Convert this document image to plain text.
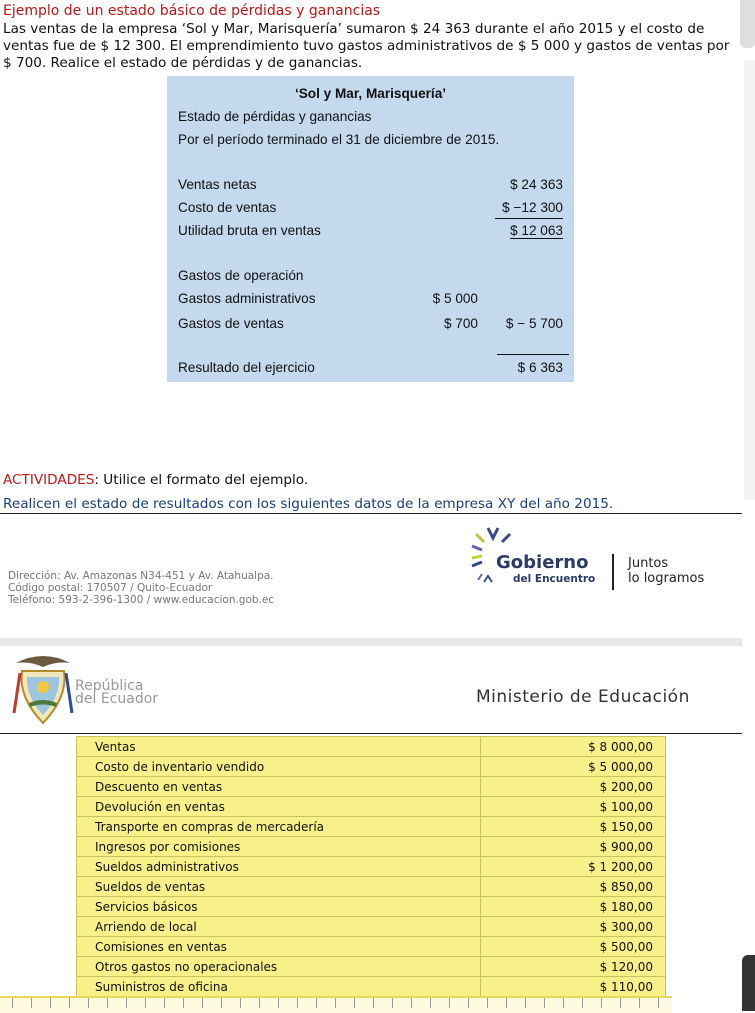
Ejemplo de un estado básico de pérdidas y ganancias
Las ventas de la empresa ‘Sol y Mar, Marisquería’ sumaron $ 24 363 durante el año 2015 y el costo de ventas fue de $ 12 300. El emprendimiento tuvo gastos administrativos de $ 5 000 y gastos de ventas por $ 700. Realice el estado de pérdidas y de ganancias.
‘Sol y Mar, Marisquería’
Estado de pérdidas y ganancias
Por el período terminado el 31 de diciembre de 2015.
Ventas netas	$ 24 363
Costo de ventas	$ −12 300
Utilidad bruta en ventas	$ 12 063
Gastos de operación
Gastos administrativos	$ 5 000
Gastos de ventas	$ 700 $ − 5 700
Resultado del ejercicio	$ 6 363
ACTIVIDADES: Utilice el formato del ejemplo.
Realicen el estado de resultados con los siguientes datos de la empresa XY del año 2015.
Dirección: Av. Amazonas N34-451 y Av. Atahualpa.
Código postal: 170507 / Quito-Ecuador
Teléfono: 593-2-396-1300 / www.educacion.gob.ec
Gobierno
del Encuentro
Juntos
lo logramos
República
del Ecuador	Ministerio de Educación
Ventas	$ 8 000,00
Costo de inventario vendido	$ 5 000,00
Descuento en ventas	$ 200,00
Devolución en ventas	$ 100,00
Transporte en compras de mercadería	$ 150,00
Ingresos por comisiones	$ 900,00
Sueldos administrativos	$ 1 200,00
Sueldos de ventas	$ 850,00
Servicios básicos	$ 180,00
Arriendo de local	$ 300,00
Comisiones en ventas	$ 500,00
Otros gastos no operacionales	$ 120,00
Suministros de oficina	$ 110,00
